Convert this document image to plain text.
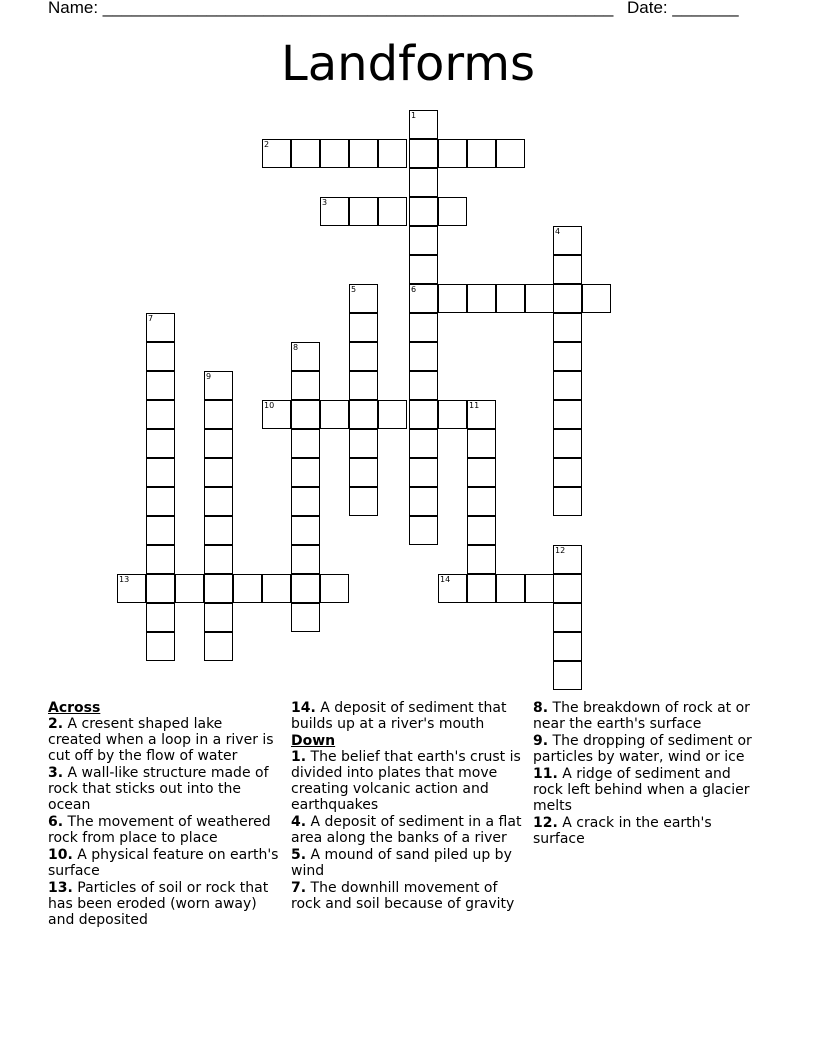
Name: ______________________________________________________ Date: _______
Landforms
1
2
3
4
5	6
7
8
9
10	11
12
13	14
Across
2. A cresent shaped lake created when a loop in a river is cut off by the flow of water
3. A wall-like structure made of rock that sticks out into the ocean
6. The movement of weathered rock from place to place
10. A physical feature on earth's surface
13. Particles of soil or rock that has been eroded (worn away) and deposited
14. A deposit of sediment that builds up at a river's mouth
Down
1. The belief that earth's crust is divided into plates that move creating volcanic action and earthquakes
4. A deposit of sediment in a flat area along the banks of a river
5. A mound of sand piled up by wind
7. The downhill movement of rock and soil because of gravity
8. The breakdown of rock at or near the earth's surface
9. The dropping of sediment or particles by water, wind or ice
11. A ridge of sediment and rock left behind when a glacier melts
12. A crack in the earth's surface
